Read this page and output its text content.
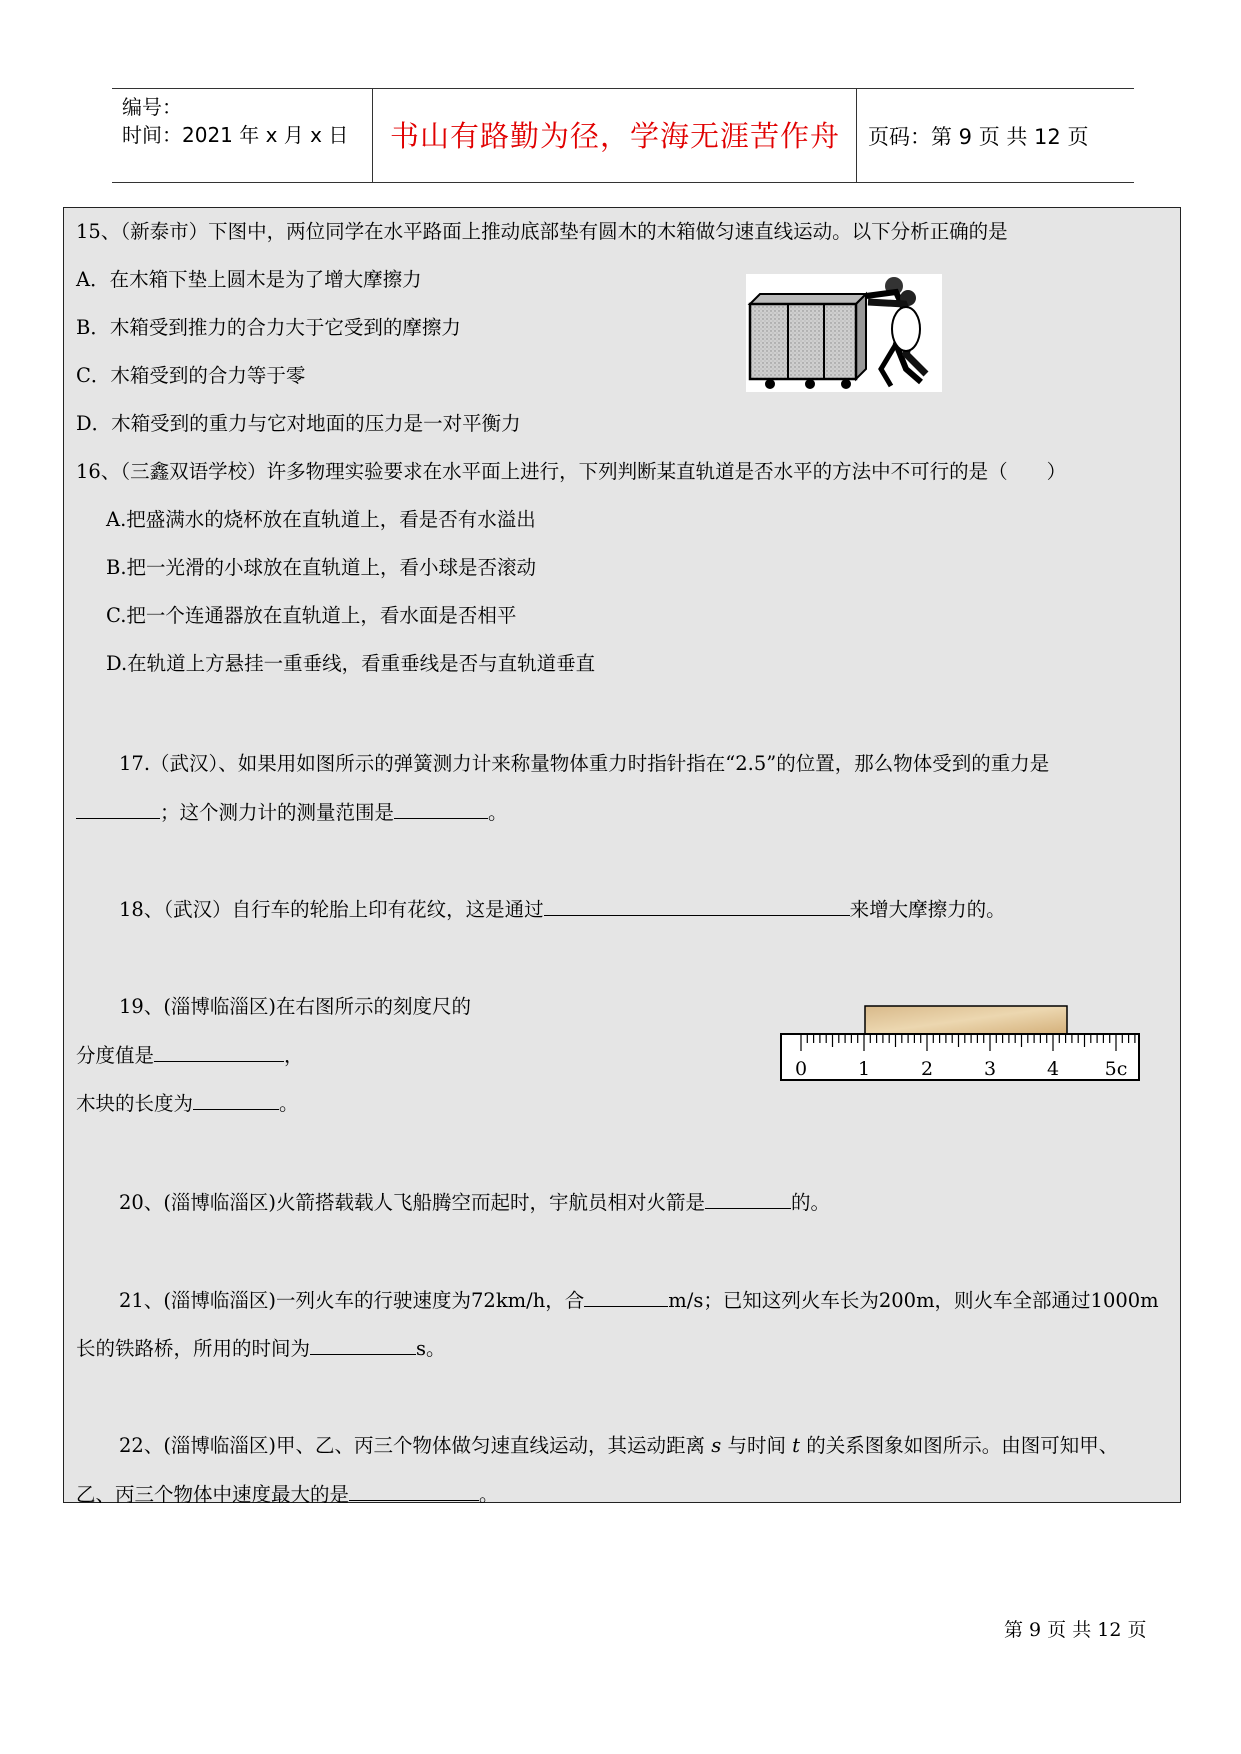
编号：
时间：2021 年 x 月 x 日	书山有路勤为径，学海无涯苦作舟	页码：第 9 页 共 12 页
15、（新泰市）下图中，两位同学在水平路面上推动底部垫有圆木的木箱做匀速直线运动。以下分析正确的是
A．在木箱下垫上圆木是为了增大摩擦力
B．木箱受到推力的合力大于它受到的摩擦力
C．木箱受到的合力等于零
D．木箱受到的重力与它对地面的压力是一对平衡力
16、（三鑫双语学校）许多物理实验要求在水平面上进行，下列判断某直轨道是否水平的方法中不可行的是（　　）
A.把盛满水的烧杯放在直轨道上，看是否有水溢出
B.把一光滑的小球放在直轨道上，看小球是否滚动
C.把一个连通器放在直轨道上，看水面是否相平
D.在轨道上方悬挂一重垂线，看重垂线是否与直轨道垂直
17.（武汉）、如果用如图所示的弹簧测力计来称量物体重力时指针指在“2.5”的位置，那么物体受到的重力是
；这个测力计的测量范围是	。
18、（武汉）自行车的轮胎上印有花纹，这是通过	来增大摩擦力的。
19、(淄博临淄区)在右图所示的刻度尺的
分度值是	，
木块的长度为	。
0	1	2	3	4 5c
20、(淄博临淄区)火箭搭载载人飞船腾空而起时，宇航员相对火箭是	的。
21、(淄博临淄区)一列火车的行驶速度为72km/h，合	m/s；已知这列火车长为200m，则火车全部通过1000m
长的铁路桥，所用的时间为	s。
22、(淄博临淄区)甲、乙、丙三个物体做匀速直线运动，其运动距离 s 与时间 t 的关系图象如图所示。由图可知甲、
乙、丙三个物体中速度最大的是	。
第 9 页 共 12 页
